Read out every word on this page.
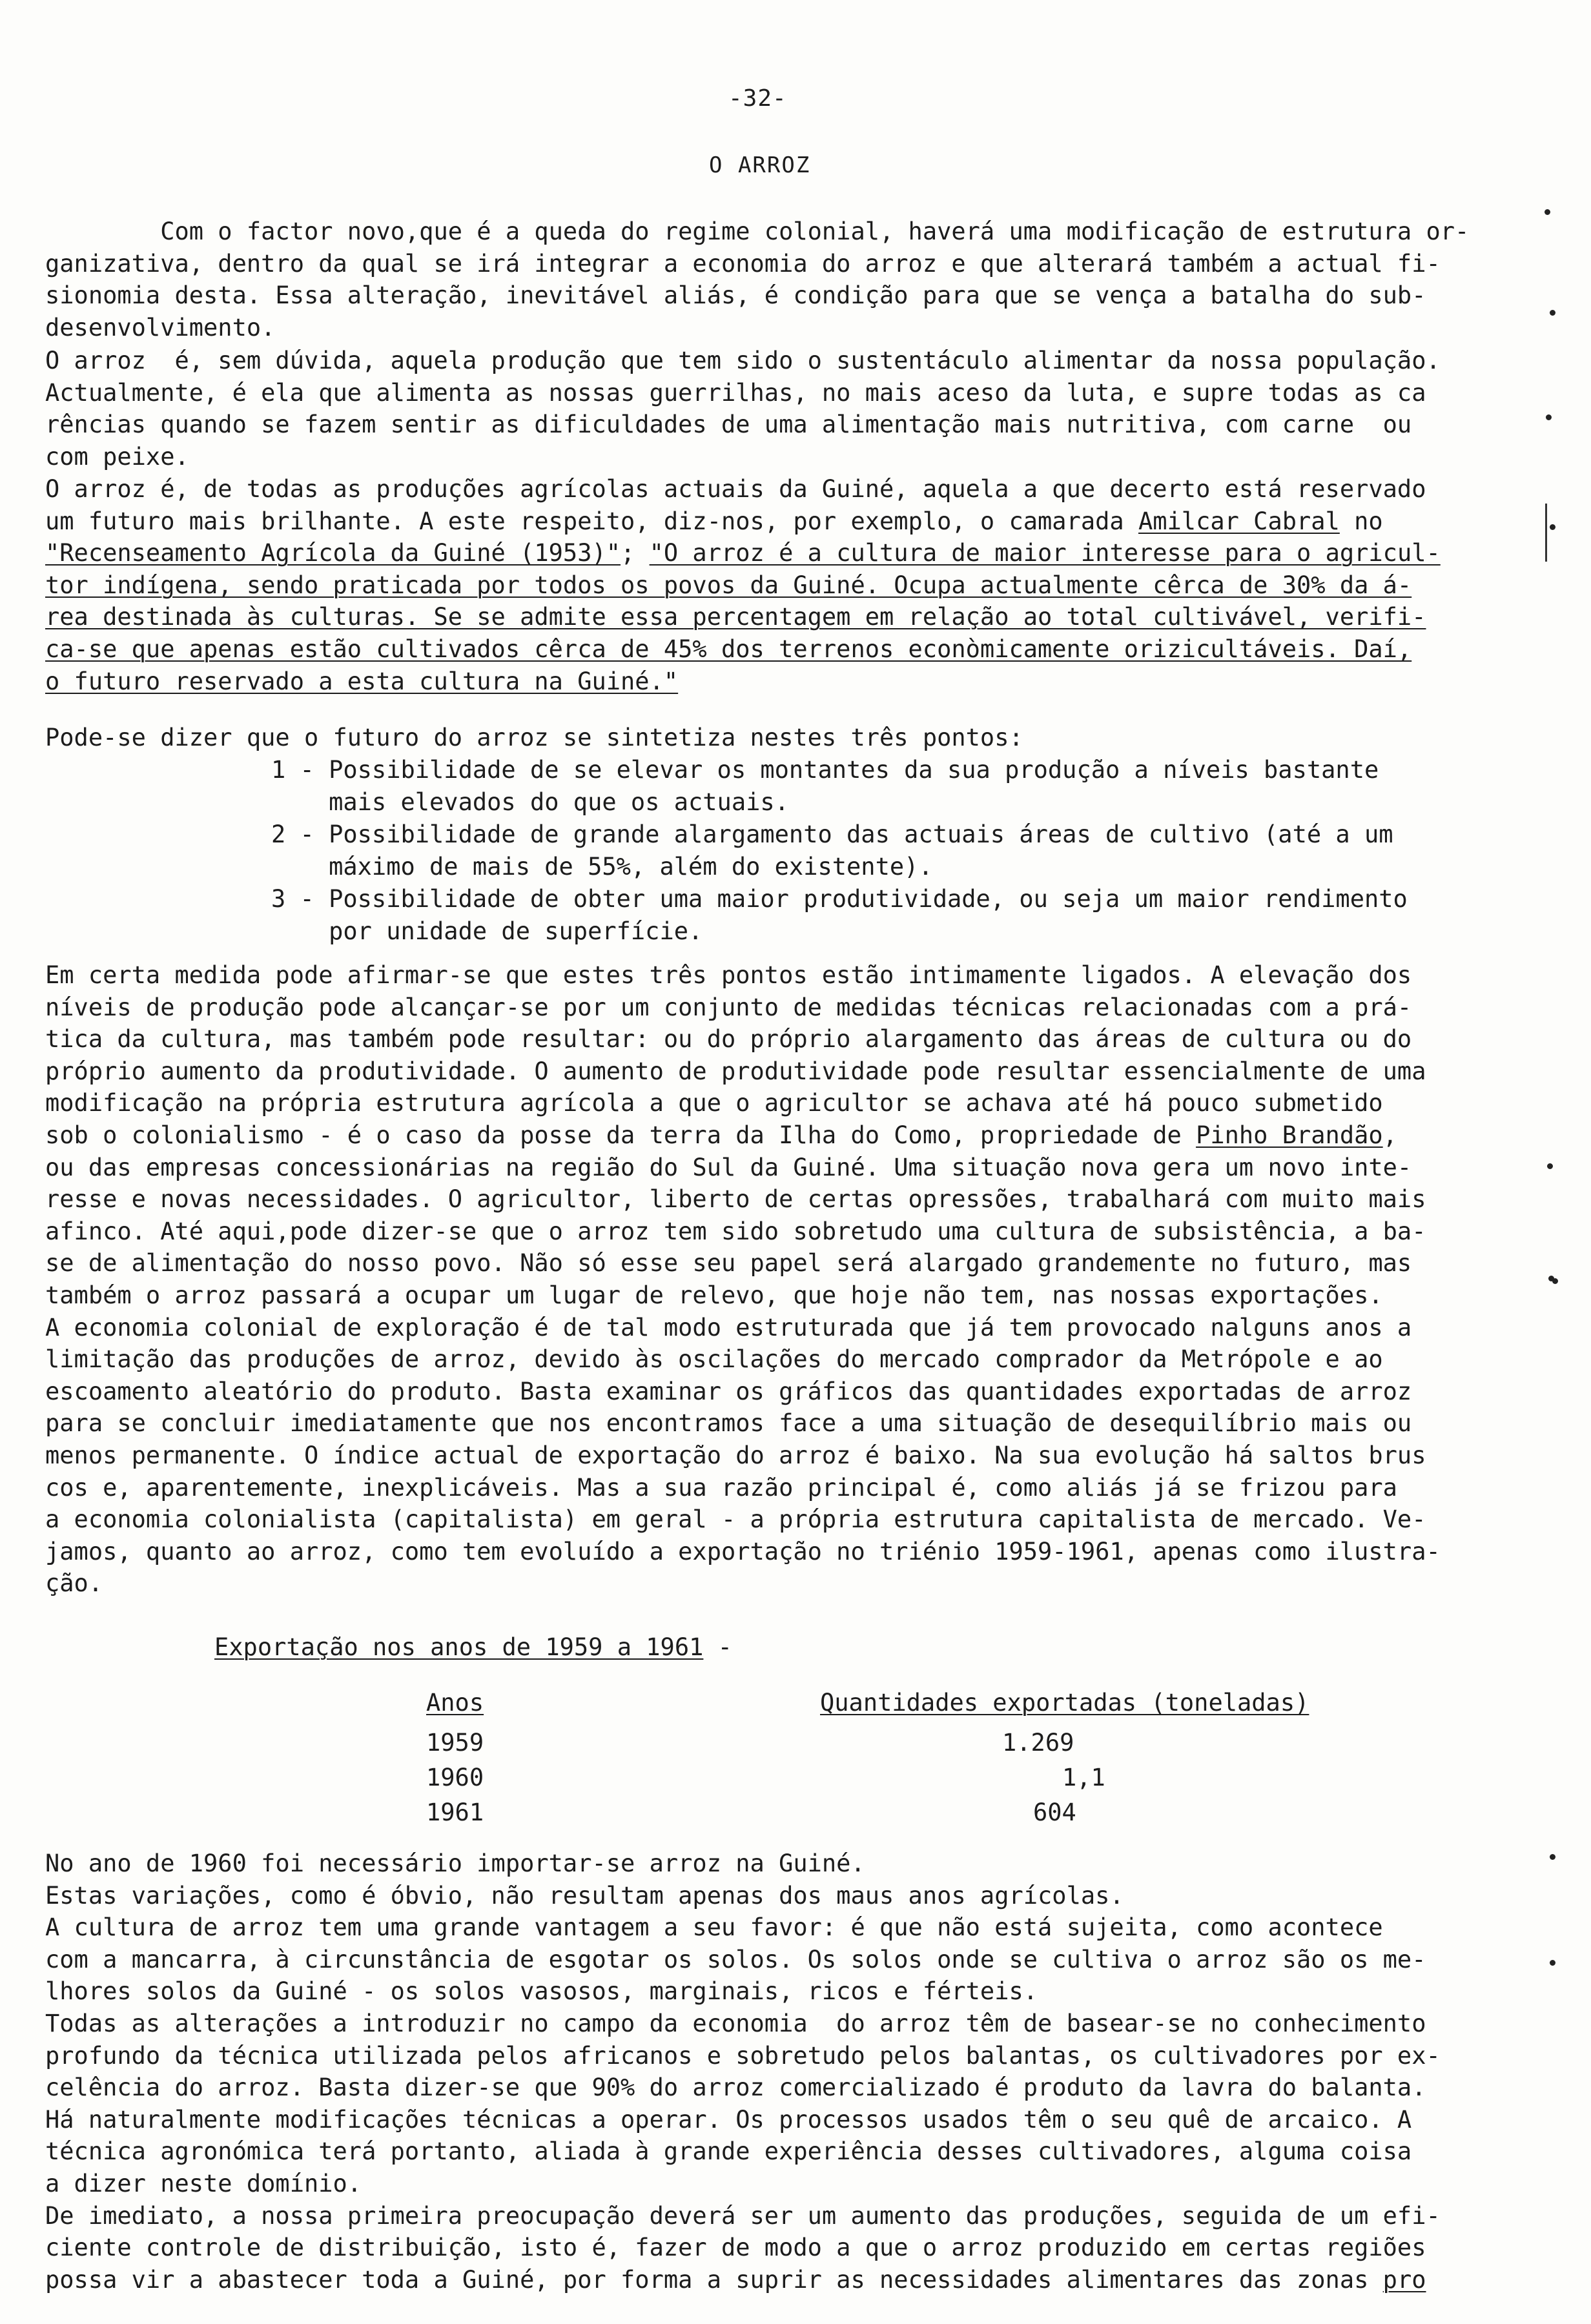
-32-
O ARROZ

Com o factor novo,que é a queda do regime colonial, haverá uma modificação de estrutura or-
ganizativa, dentro da qual se irá integrar a economia do arroz e que alterará também a actual fi-
sionomia desta. Essa alteração, inevitável aliás, é condição para que se vença a batalha do sub-
desenvolvimento.

O arroz  é, sem dúvida, aquela produção que tem sido o sustentáculo alimentar da nossa população.
Actualmente, é ela que alimenta as nossas guerrilhas, no mais aceso da luta, e supre todas as ca
rências quando se fazem sentir as dificuldades de uma alimentação mais nutritiva, com carne  ou
com peixe.

O arroz é, de todas as produções agrícolas actuais da Guiné, aquela a que decerto está reservado
um futuro mais brilhante. A este respeito, diz-nos, por exemplo, o camarada Amilcar Cabral no
"Recenseamento Agrícola da Guiné (1953)"; "O arroz é a cultura de maior interesse para o agricul-
tor indígena, sendo praticada por todos os povos da Guiné. Ocupa actualmente cêrca de 30% da á-
rea destinada às culturas. Se se admite essa percentagem em relação ao total cultivável, verifi-
ca-se que apenas estão cultivados cêrca de 45% dos terrenos econòmicamente orizicultáveis. Daí,
o futuro reservado a esta cultura na Guiné."

Pode-se dizer que o futuro do arroz se sintetiza nestes três pontos:

1 - Possibilidade de se elevar os montantes da sua produção a níveis bastante
mais elevados do que os actuais.

2 - Possibilidade de grande alargamento das actuais áreas de cultivo (até a um
máximo de mais de 55%, além do existente).

3 - Possibilidade de obter uma maior produtividade, ou seja um maior rendimento
por unidade de superfície.

Em certa medida pode afirmar-se que estes três pontos estão intimamente ligados. A elevação dos
níveis de produção pode alcançar-se por um conjunto de medidas técnicas relacionadas com a prá-
tica da cultura, mas também pode resultar: ou do próprio alargamento das áreas de cultura ou do
próprio aumento da produtividade. O aumento de produtividade pode resultar essencialmente de uma
modificação na própria estrutura agrícola a que o agricultor se achava até há pouco submetido
sob o colonialismo - é o caso da posse da terra da Ilha do Como, propriedade de Pinho Brandão,
ou das empresas concessionárias na região do Sul da Guiné. Uma situação nova gera um novo inte-
resse e novas necessidades. O agricultor, liberto de certas opressões, trabalhará com muito mais
afinco. Até aqui,pode dizer-se que o arroz tem sido sobretudo uma cultura de subsistência, a ba-
se de alimentação do nosso povo. Não só esse seu papel será alargado grandemente no futuro, mas
também o arroz passará a ocupar um lugar de relevo, que hoje não tem, nas nossas exportações.
A economia colonial de exploração é de tal modo estruturada que já tem provocado nalguns anos a
limitação das produções de arroz, devido às oscilações do mercado comprador da Metrópole e ao
escoamento aleatório do produto. Basta examinar os gráficos das quantidades exportadas de arroz
para se concluir imediatamente que nos encontramos face a uma situação de desequilíbrio mais ou
menos permanente. O índice actual de exportação do arroz é baixo. Na sua evolução há saltos brus
cos e, aparentemente, inexplicáveis. Mas a sua razão principal é, como aliás já se frizou para
a economia colonialista (capitalista) em geral - a própria estrutura capitalista de mercado. Ve-
jamos, quanto ao arroz, como tem evoluído a exportação no triénio 1959-1961, apenas como ilustra-
ção.

Exportação nos anos de 1959 a 1961 -
Anos	Quantidades exportadas (toneladas)
1959	1.269
1960	1,1
1961	604

No ano de 1960 foi necessário importar-se arroz na Guiné.
Estas variações, como é óbvio, não resultam apenas dos maus anos agrícolas.
A cultura de arroz tem uma grande vantagem a seu favor: é que não está sujeita, como acontece
com a mancarra, à circunstância de esgotar os solos. Os solos onde se cultiva o arroz são os me-
lhores solos da Guiné - os solos vasosos, marginais, ricos e férteis.
Todas as alterações a introduzir no campo da economia  do arroz têm de basear-se no conhecimento
profundo da técnica utilizada pelos africanos e sobretudo pelos balantas, os cultivadores por ex-
celência do arroz. Basta dizer-se que 90% do arroz comercializado é produto da lavra do balanta.
Há naturalmente modificações técnicas a operar. Os processos usados têm o seu quê de arcaico. A
técnica agronómica terá portanto, aliada à grande experiência desses cultivadores, alguma coisa
a dizer neste domínio.
De imediato, a nossa primeira preocupação deverá ser um aumento das produções, seguida de um efi-
ciente controle de distribuição, isto é, fazer de modo a que o arroz produzido em certas regiões
possa vir a abastecer toda a Guiné, por forma a suprir as necessidades alimentares das zonas pro
